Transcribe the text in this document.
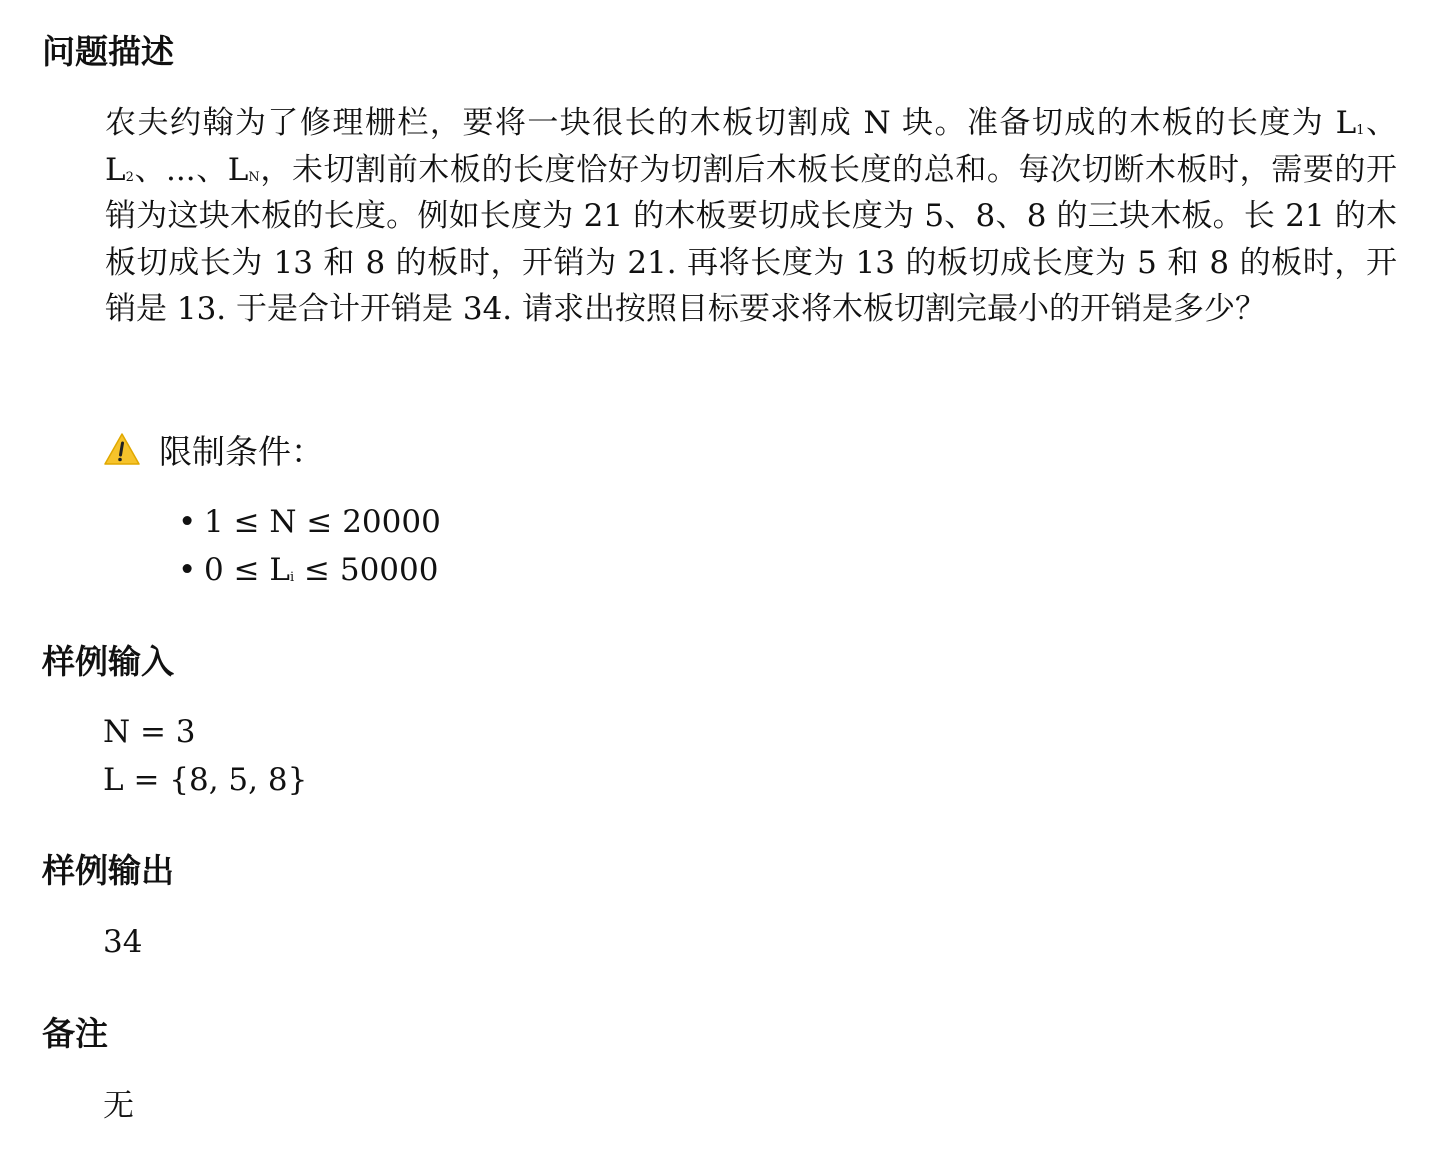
问题描述
农夫约翰为了修理栅栏，要将一块很长的木板切割成 N 块。准备切成的木板的长度为 $L_1$、$L_2$、...、$L_N$，未切割前木板的长度恰好为切割后木板长度的总和。每次切断木板时，需要的开销为这块木板的长度。例如长度为 21 的木板要切成长度为 5、8、8 的三块木板。长 21 的木板切成长为 13 和 8 的板时，开销为 21. 再将长度为 13 的板切成长度为 5 和 8 的板时，开销是 13. 于是合计开销是 34. 请求出按照目标要求将木板切割完最小的开销是多少？
限制条件：
• 1 ≤ N ≤ 20000
• $0 \le L_i \le 50000$
样例输入
N = 3
L = {8, 5, 8}
样例输出
34
备注
无
